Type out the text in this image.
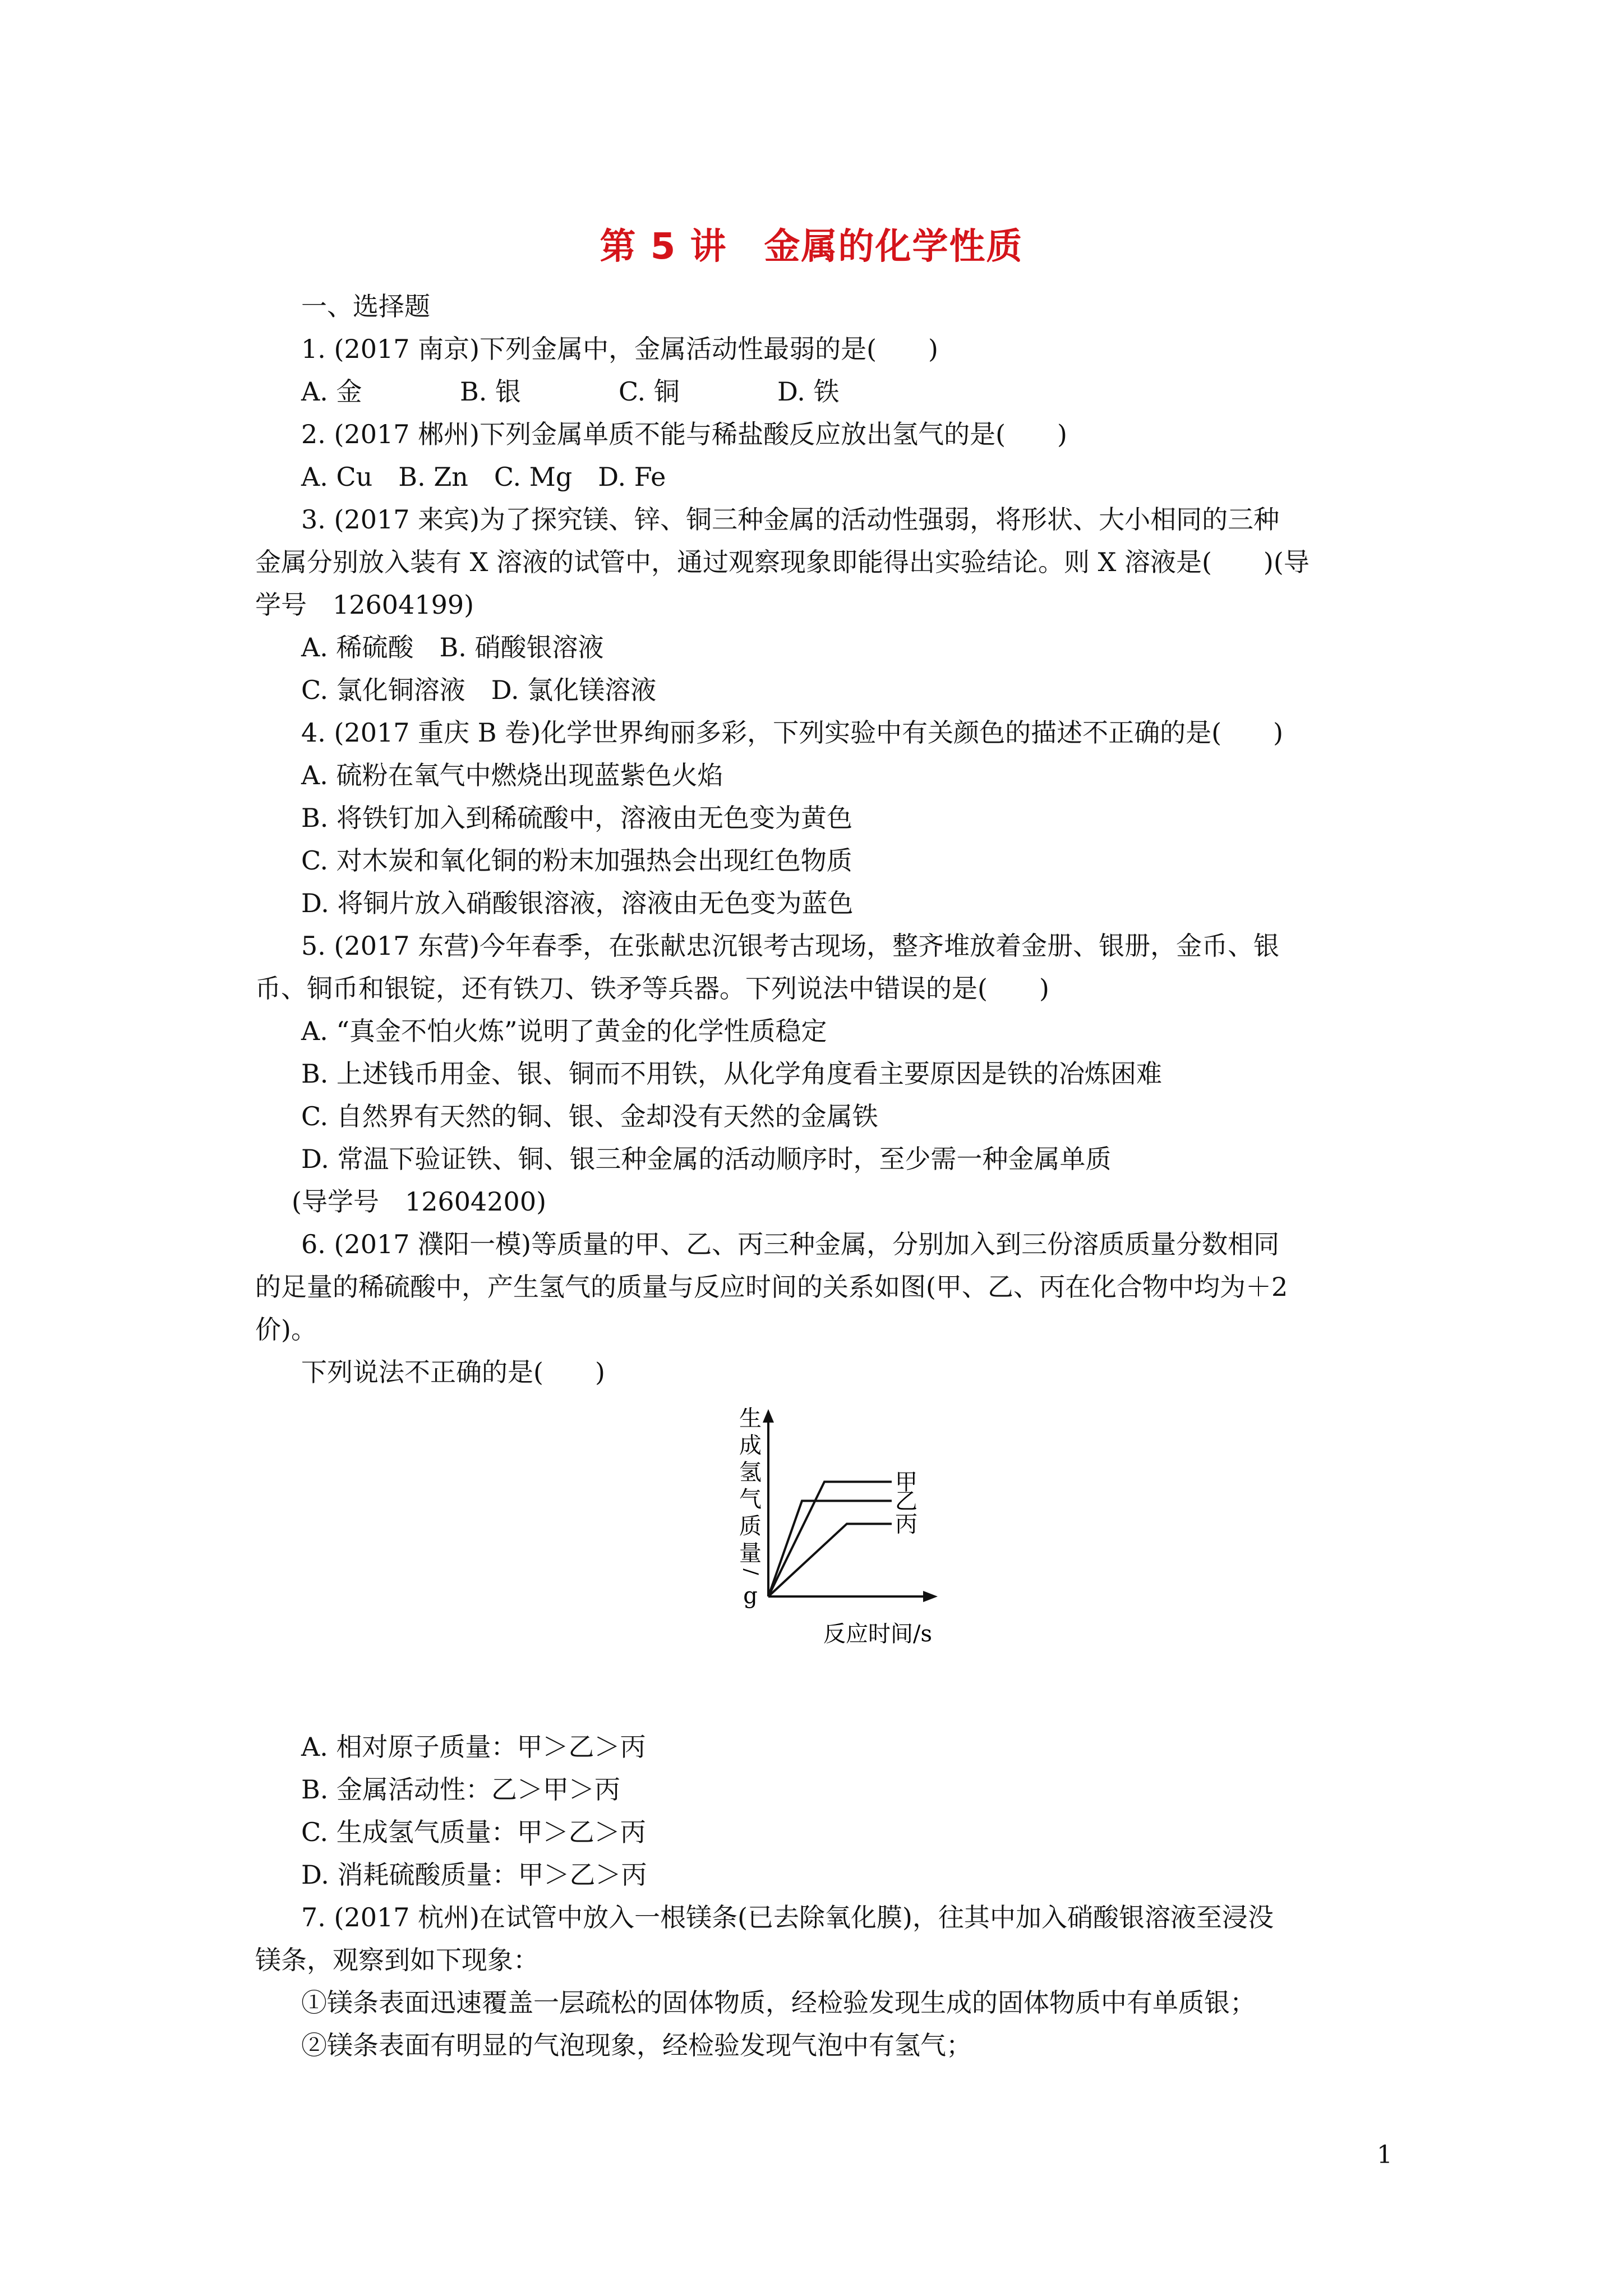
第 5 讲　金属的化学性质
一、选择题
1. (2017 南京)下列金属中，金属活动性最弱的是(　　)
A. 金	B. 银	C. 铜	D. 铁
2. (2017 郴州)下列金属单质不能与稀盐酸反应放出氢气的是(　　)
A. Cu　B. Zn　C. Mg　D. Fe
3. (2017 来宾)为了探究镁、锌、铜三种金属的活动性强弱，将形状、大小相同的三种
金属分别放入装有 X 溶液的试管中，通过观察现象即能得出实验结论。则 X 溶液是(　　)(导
学号　12604199)
A. 稀硫酸　B. 硝酸银溶液
C. 氯化铜溶液　D. 氯化镁溶液
4. (2017 重庆 B 卷)化学世界绚丽多彩，下列实验中有关颜色的描述不正确的是(　　)
A. 硫粉在氧气中燃烧出现蓝紫色火焰
B. 将铁钉加入到稀硫酸中，溶液由无色变为黄色
C. 对木炭和氧化铜的粉末加强热会出现红色物质
D. 将铜片放入硝酸银溶液，溶液由无色变为蓝色
5. (2017 东营)今年春季，在张献忠沉银考古现场，整齐堆放着金册、银册，金币、银
币、铜币和银锭，还有铁刀、铁矛等兵器。下列说法中错误的是(　　)
A. “真金不怕火炼”说明了黄金的化学性质稳定
B. 上述钱币用金、银、铜而不用铁，从化学角度看主要原因是铁的冶炼困难
C. 自然界有天然的铜、银、金却没有天然的金属铁
D. 常温下验证铁、铜、银三种金属的活动顺序时，至少需一种金属单质
(导学号　12604200)
6. (2017 濮阳一模)等质量的甲、乙、丙三种金属，分别加入到三份溶质质量分数相同
的足量的稀硫酸中，产生氢气的质量与反应时间的关系如图(甲、乙、丙在化合物中均为＋2
价)。
下列说法不正确的是(　　)
生
成
氢
气
质
量
/
g
甲
乙
丙
反应时间/s
A. 相对原子质量：甲＞乙＞丙
B. 金属活动性：乙＞甲＞丙
C. 生成氢气质量：甲＞乙＞丙
D. 消耗硫酸质量：甲＞乙＞丙
7. (2017 杭州)在试管中放入一根镁条(已去除氧化膜)，往其中加入硝酸银溶液至浸没
镁条，观察到如下现象：
①镁条表面迅速覆盖一层疏松的固体物质，经检验发现生成的固体物质中有单质银；
②镁条表面有明显的气泡现象，经检验发现气泡中有氢气；
1
